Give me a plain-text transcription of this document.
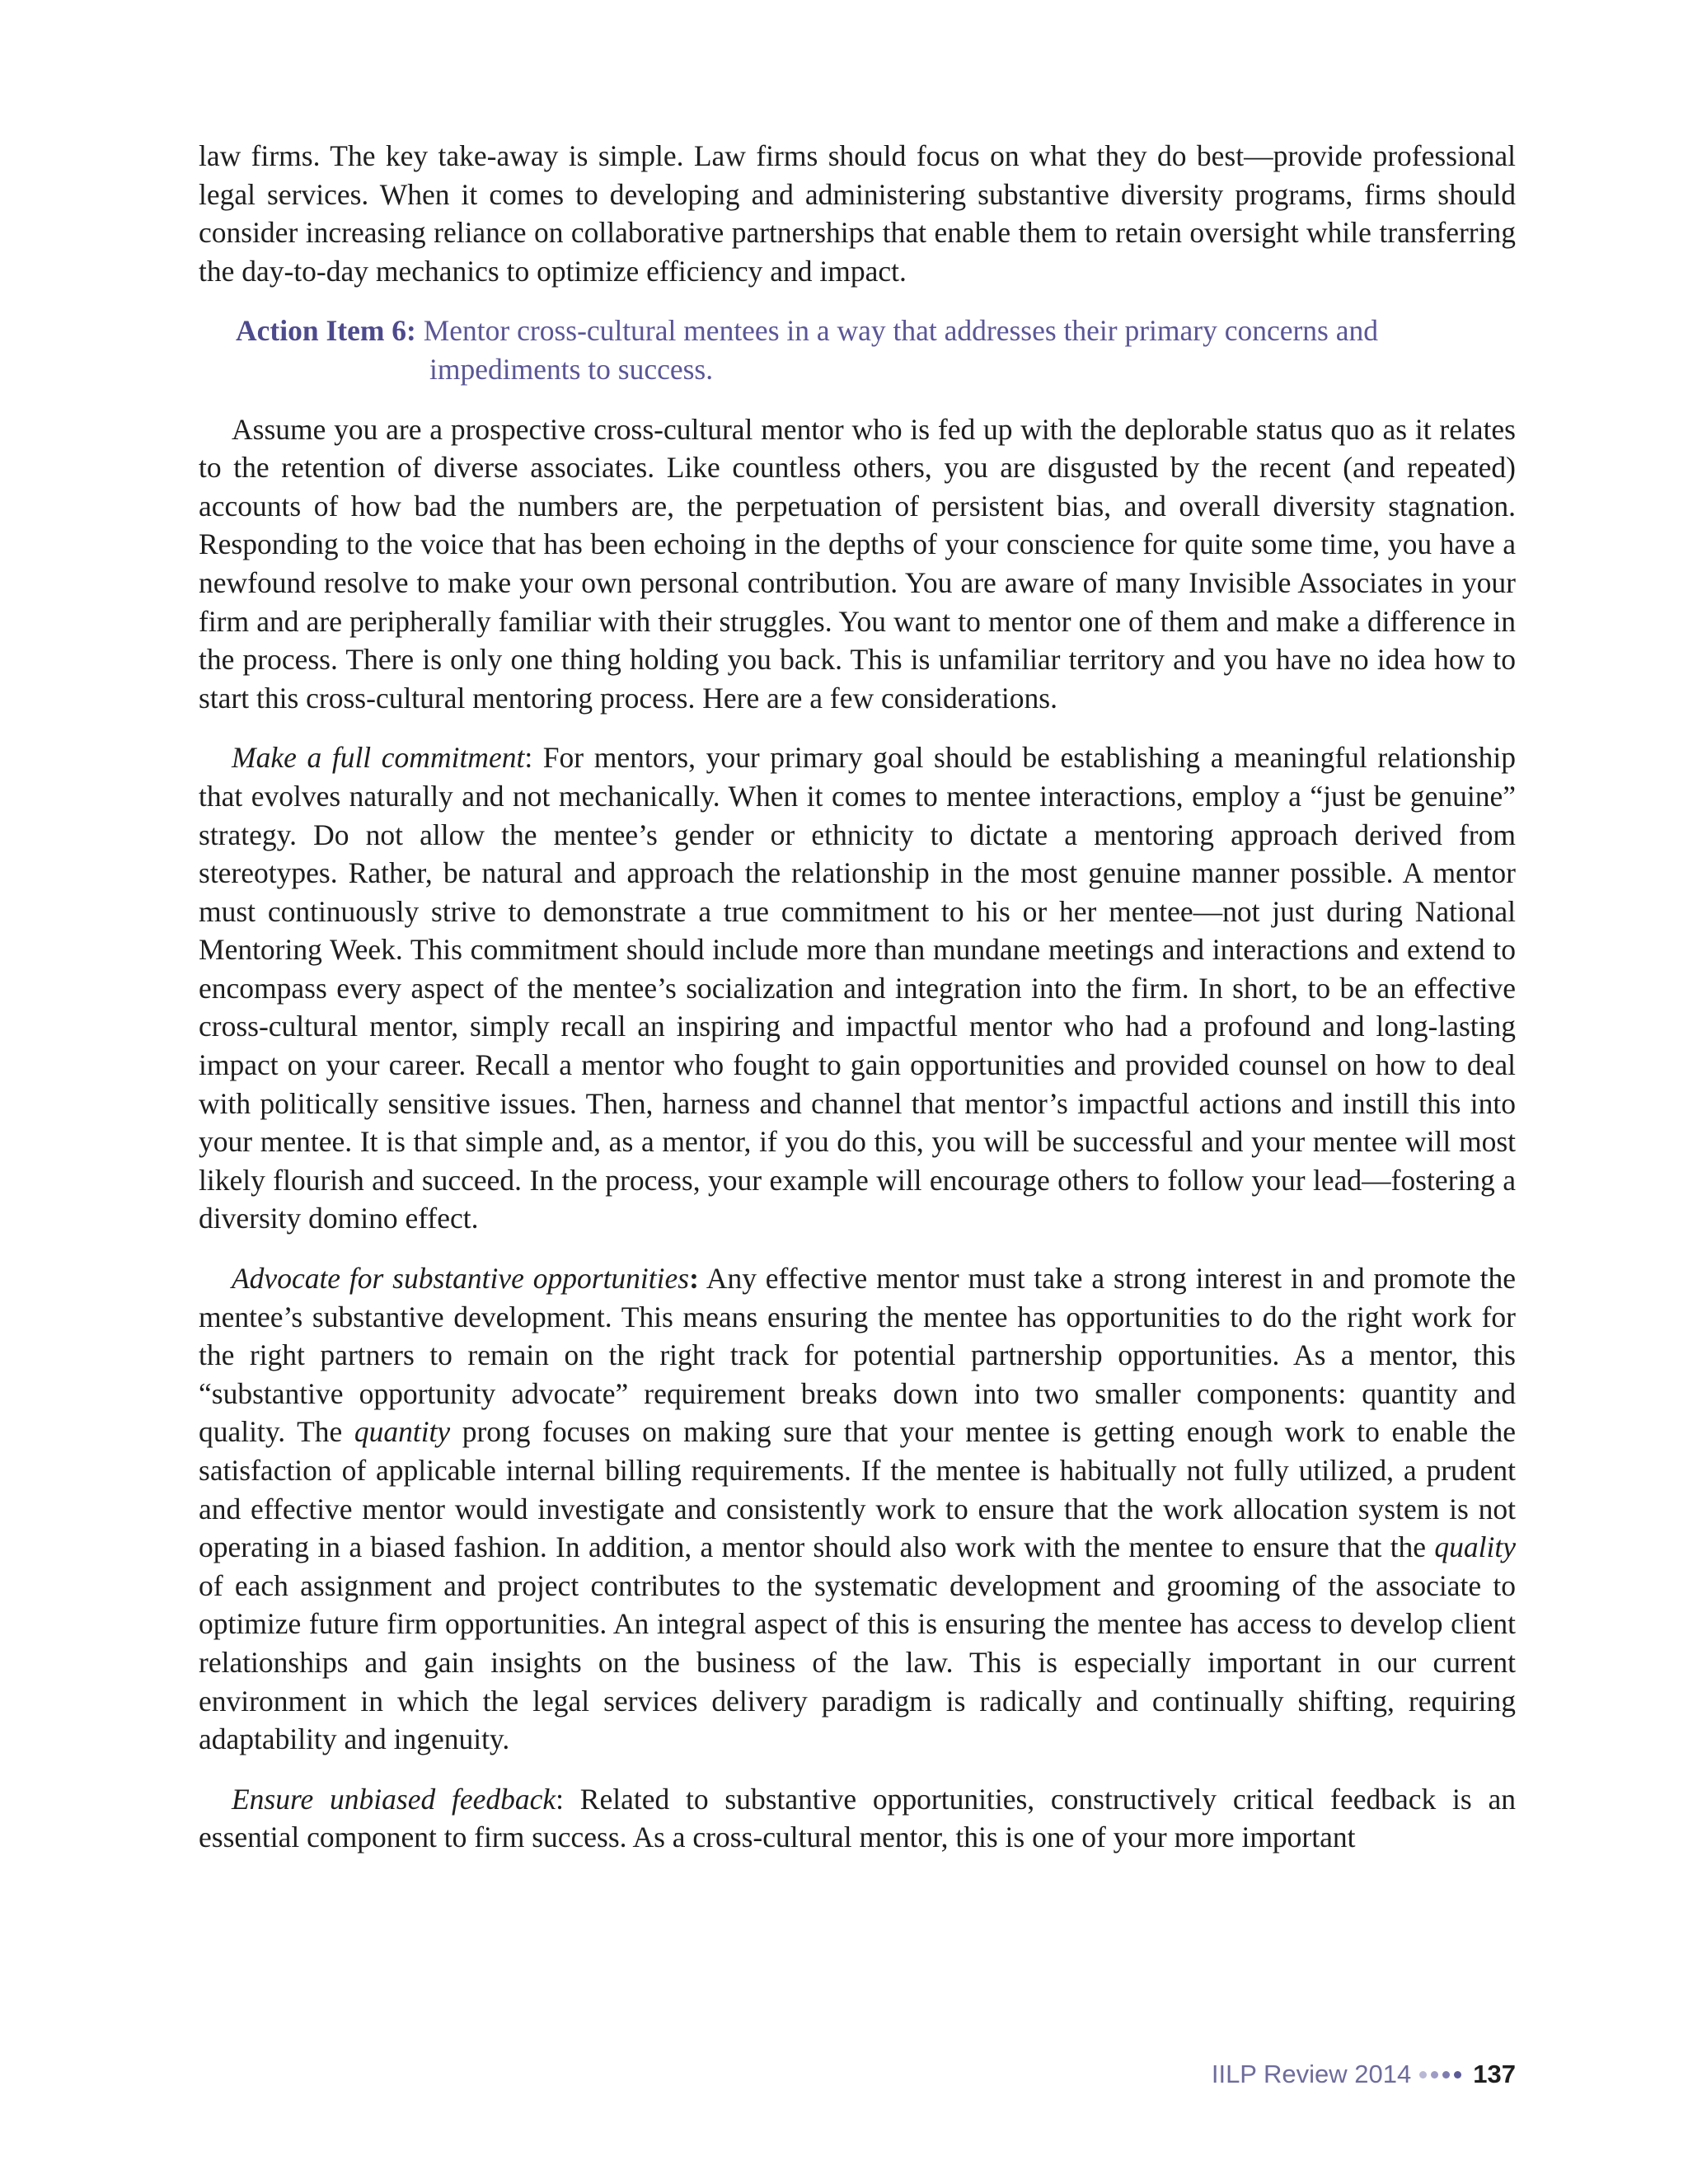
law firms. The key take-away is simple. Law firms should focus on what they do best—provide professional legal services. When it comes to developing and administering substantive diversity programs, firms should consider increasing reliance on collaborative partnerships that enable them to retain oversight while transferring the day-to-day mechanics to optimize efficiency and impact.

Action Item 6: Mentor cross-cultural mentees in a way that addresses their primary concerns and impediments to success.

Assume you are a prospective cross-cultural mentor who is fed up with the deplorable status quo as it relates to the retention of diverse associates. Like countless others, you are disgusted by the recent (and repeated) accounts of how bad the numbers are, the perpetuation of persistent bias, and overall diversity stagnation. Responding to the voice that has been echoing in the depths of your conscience for quite some time, you have a newfound resolve to make your own personal contribution. You are aware of many Invisible Associates in your firm and are peripherally familiar with their struggles. You want to mentor one of them and make a difference in the process. There is only one thing holding you back. This is unfamiliar territory and you have no idea how to start this cross-cultural mentoring process. Here are a few considerations.

Make a full commitment: For mentors, your primary goal should be establishing a meaningful relationship that evolves naturally and not mechanically. When it comes to mentee interactions, employ a “just be genuine” strategy. Do not allow the mentee’s gender or ethnicity to dictate a mentoring approach derived from stereotypes. Rather, be natural and approach the relationship in the most genuine manner possible. A mentor must continuously strive to demonstrate a true commitment to his or her mentee—not just during National Mentoring Week. This commitment should include more than mundane meetings and interactions and extend to encompass every aspect of the mentee’s socialization and integration into the firm. In short, to be an effective cross-cultural mentor, simply recall an inspiring and impactful mentor who had a profound and long-lasting impact on your career. Recall a mentor who fought to gain opportunities and provided counsel on how to deal with politically sensitive issues. Then, harness and channel that mentor’s impactful actions and instill this into your mentee. It is that simple and, as a mentor, if you do this, you will be successful and your mentee will most likely flourish and succeed. In the process, your example will encourage others to follow your lead—fostering a diversity domino effect.

Advocate for substantive opportunities: Any effective mentor must take a strong interest in and promote the mentee’s substantive development. This means ensuring the mentee has opportunities to do the right work for the right partners to remain on the right track for potential partnership opportunities. As a mentor, this “substantive opportunity advocate” requirement breaks down into two smaller components: quantity and quality. The quantity prong focuses on making sure that your mentee is getting enough work to enable the satisfaction of applicable internal billing requirements. If the mentee is habitually not fully utilized, a prudent and effective mentor would investigate and consistently work to ensure that the work allocation system is not operating in a biased fashion. In addition, a mentor should also work with the mentee to ensure that the quality of each assignment and project contributes to the systematic development and grooming of the associate to optimize future firm opportunities. An integral aspect of this is ensuring the mentee has access to develop client relationships and gain insights on the business of the law. This is especially important in our current environment in which the legal services delivery paradigm is radically and continually shifting, requiring adaptability and ingenuity.

Ensure unbiased feedback: Related to substantive opportunities, constructively critical feedback is an essential component to firm success. As a cross-cultural mentor, this is one of your more important

IILP Review 2014 137
